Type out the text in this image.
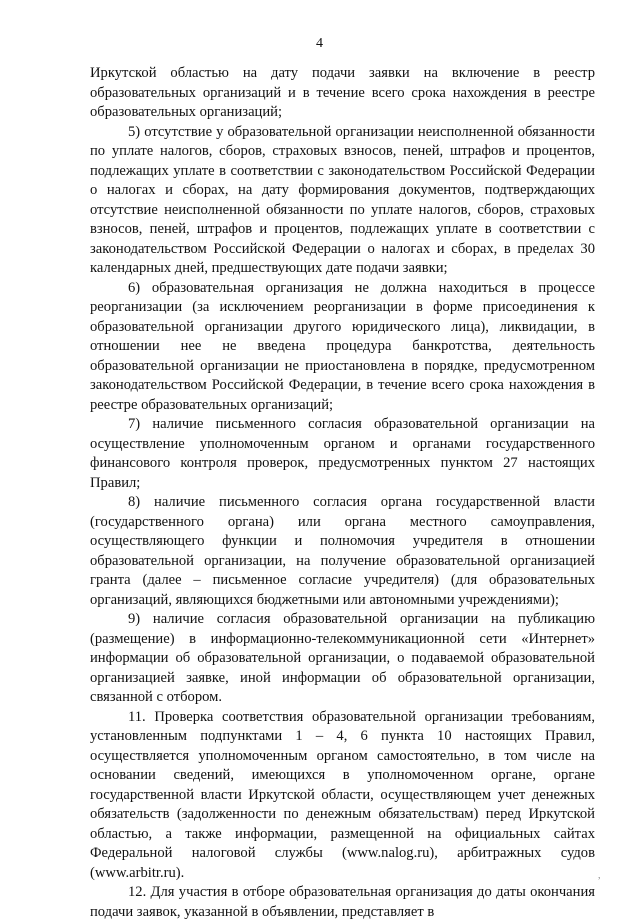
4

Иркутской областью на дату подачи заявки на включение в реестр образовательных организаций и в течение всего срока нахождения в реестре образовательных организаций;

5) отсутствие у образовательной организации неисполненной обязанности по уплате налогов, сборов, страховых взносов, пеней, штрафов и процентов, подлежащих уплате в соответствии с законодательством Российской Федерации о налогах и сборах, на дату формирования документов, подтверждающих отсутствие неисполненной обязанности по уплате налогов, сборов, страховых взносов, пеней, штрафов и процентов, подлежащих уплате в соответствии с законодательством Российской Федерации о налогах и сборах, в пределах 30 календарных дней, предшествующих дате подачи заявки;

6) образовательная организация не должна находиться в процессе реорганизации (за исключением реорганизации в форме присоединения к образовательной организации другого юридического лица), ликвидации, в отношении нее не введена процедура банкротства, деятельность образовательной организации не приостановлена в порядке, предусмотренном законодательством Российской Федерации, в течение всего срока нахождения в реестре образовательных организаций;

7) наличие письменного согласия образовательной организации на осуществление уполномоченным органом и органами государственного финансового контроля проверок, предусмотренных пунктом 27 настоящих Правил;

8) наличие письменного согласия органа государственной власти (государственного органа) или органа местного самоуправления, осуществляющего функции и полномочия учредителя в отношении образовательной организации, на получение образовательной организацией гранта (далее – письменное согласие учредителя) (для образовательных организаций, являющихся бюджетными или автономными учреждениями);

9) наличие согласия образовательной организации на публикацию (размещение) в информационно-телекоммуникационной сети «Интернет» информации об образовательной организации, о подаваемой образовательной организацией заявке, иной информации об образовательной организации, связанной с отбором.

11. Проверка соответствия образовательной организации требованиям, установленным подпунктами 1 – 4, 6 пункта 10 настоящих Правил, осуществляется уполномоченным органом самостоятельно, в том числе на основании сведений, имеющихся в уполномоченном органе, органе государственной власти Иркутской области, осуществляющем учет денежных обязательств (задолженности по денежным обязательствам) перед Иркутской областью, а также информации, размещенной на официальных сайтах Федеральной налоговой службы (www.nalog.ru), арбитражных судов (www.arbitr.ru).

12. Для участия в отборе образовательная организация до даты окончания подачи заявок, указанной в объявлении, представляет в

,
